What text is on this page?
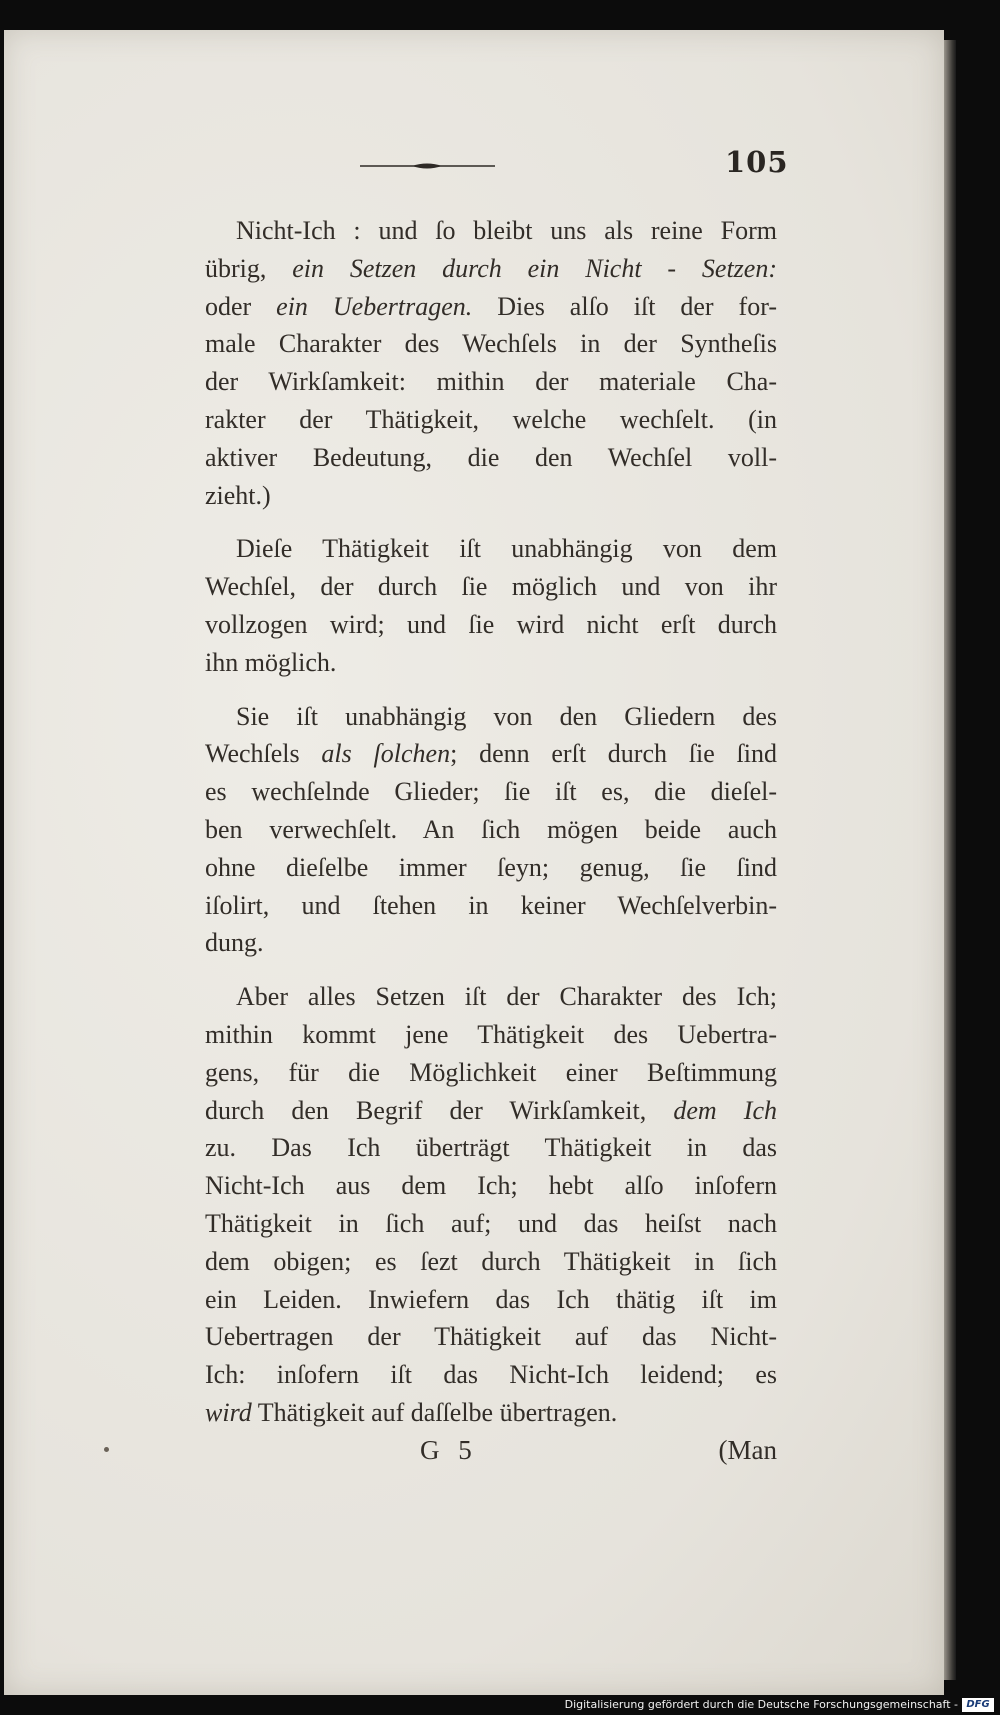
105
Nicht-Ich : und ſo bleibt uns als reine Form
übrig, ein Setzen durch ein Nicht - Setzen:
oder ein Uebertragen. Dies alſo iſt der for-
male Charakter des Wechſels in der Syntheſis
der Wirkſamkeit: mithin der materiale Cha-
rakter der Thätigkeit, welche wechſelt. (in
aktiver Bedeutung, die den Wechſel voll-
zieht.)
Dieſe Thätigkeit iſt unabhängig von dem
Wechſel, der durch ſie möglich und von ihr
vollzogen wird; und ſie wird nicht erſt durch
ihn möglich.
Sie iſt unabhängig von den Gliedern des
Wechſels als ſolchen; denn erſt durch ſie ſind
es wechſelnde Glieder; ſie iſt es, die dieſel-
ben verwechſelt. An ſich mögen beide auch
ohne dieſelbe immer ſeyn; genug, ſie ſind
iſolirt, und ſtehen in keiner Wechſelverbin-
dung.
Aber alles Setzen iſt der Charakter des Ich;
mithin kommt jene Thätigkeit des Uebertra-
gens, für die Möglichkeit einer Beſtimmung
durch den Begrif der Wirkſamkeit, dem Ich
zu. Das Ich überträgt Thätigkeit in das
Nicht-Ich aus dem Ich; hebt alſo inſofern
Thätigkeit in ſich auf; und das heiſst nach
dem obigen; es ſezt durch Thätigkeit in ſich
ein Leiden. Inwiefern das Ich thätig iſt im
Uebertragen der Thätigkeit auf das Nicht-
Ich: inſofern iſt das Nicht-Ich leidend; es
wird Thätigkeit auf daſſelbe übertragen.
G 5	(Man
Digitalisierung gefördert durch die Deutsche Forschungsgemeinschaft - DFG
